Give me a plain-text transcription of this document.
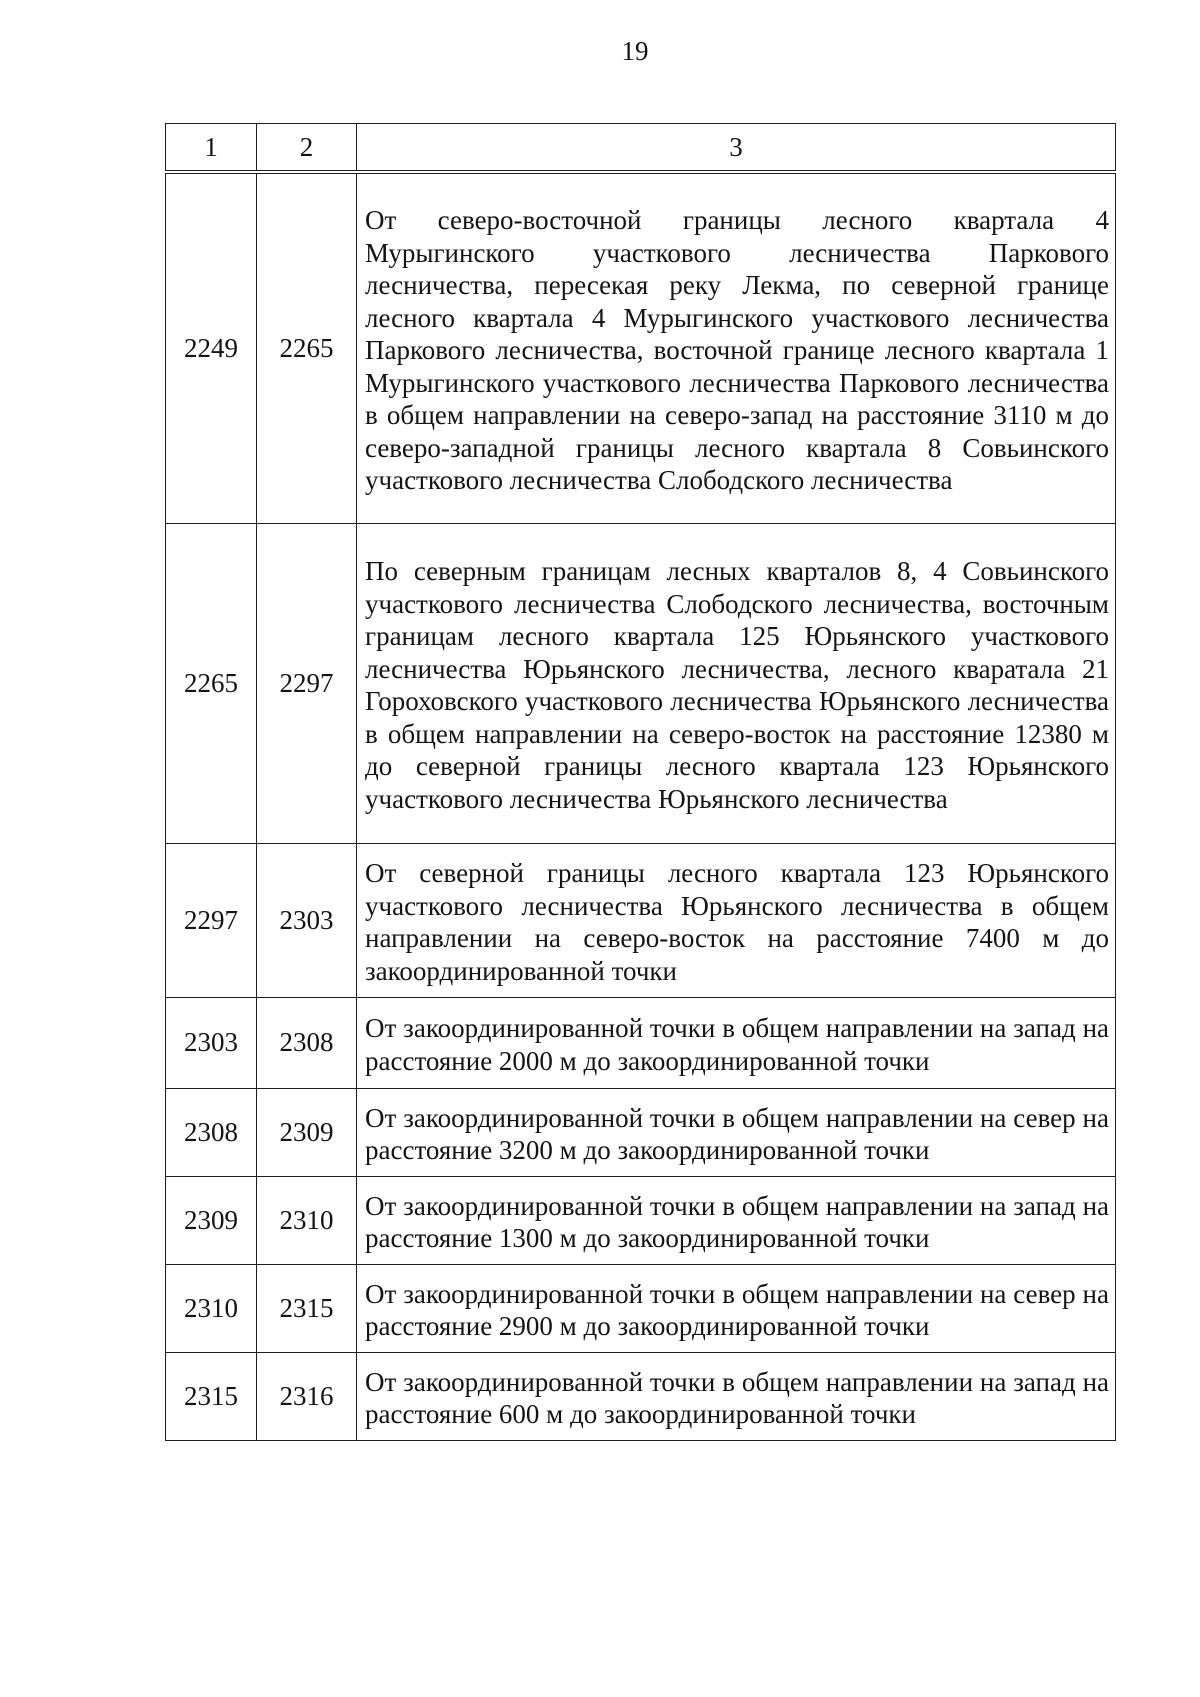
19
1	2	3
2249	2265	От северо-восточной границы лесного квартала 4 Мурыгинского участкового лесничества Паркового лесничества, пересекая реку Лекма, по северной границе лесного квартала 4 Мурыгинского участкового лесничества Паркового лесничества, восточной границе лесного квартала 1 Мурыгинского участкового лесничества Паркового лесничества в общем направлении на северо-запад на расстояние 3110 м до северо-западной границы лесного квартала 8 Совьинского участкового лесничества Слободского лесничества
2265	2297	По северным границам лесных кварталов 8, 4 Совьинского участкового лесничества Слободского лесничества, восточным границам лесного квартала 125 Юрьянского участкового лесничества Юрьянского лесничества, лесного кваратала 21 Гороховского участкового лесничества Юрьянского лесничества в общем направлении на северо-восток на расстояние 12380 м до северной границы лесного квартала 123 Юрьянского участкового лесничества Юрьянского лесничества
2297	2303	От северной границы лесного квартала 123 Юрьянского участкового лесничества Юрьянского лесничества в общем направлении на северо-восток на расстояние 7400 м до закоординированной точки
2303	2308	От закоординированной точки в общем направлении на запад на расстояние 2000 м до закоординированной точки
2308	2309	От закоординированной точки в общем направлении на север на расстояние 3200 м до закоординированной точки
2309	2310	От закоординированной точки в общем направлении на запад на расстояние 1300 м до закоординированной точки
2310	2315	От закоординированной точки в общем направлении на север на расстояние 2900 м до закоординированной точки
2315	2316	От закоординированной точки в общем направлении на запад на расстояние 600 м до закоординированной точки
